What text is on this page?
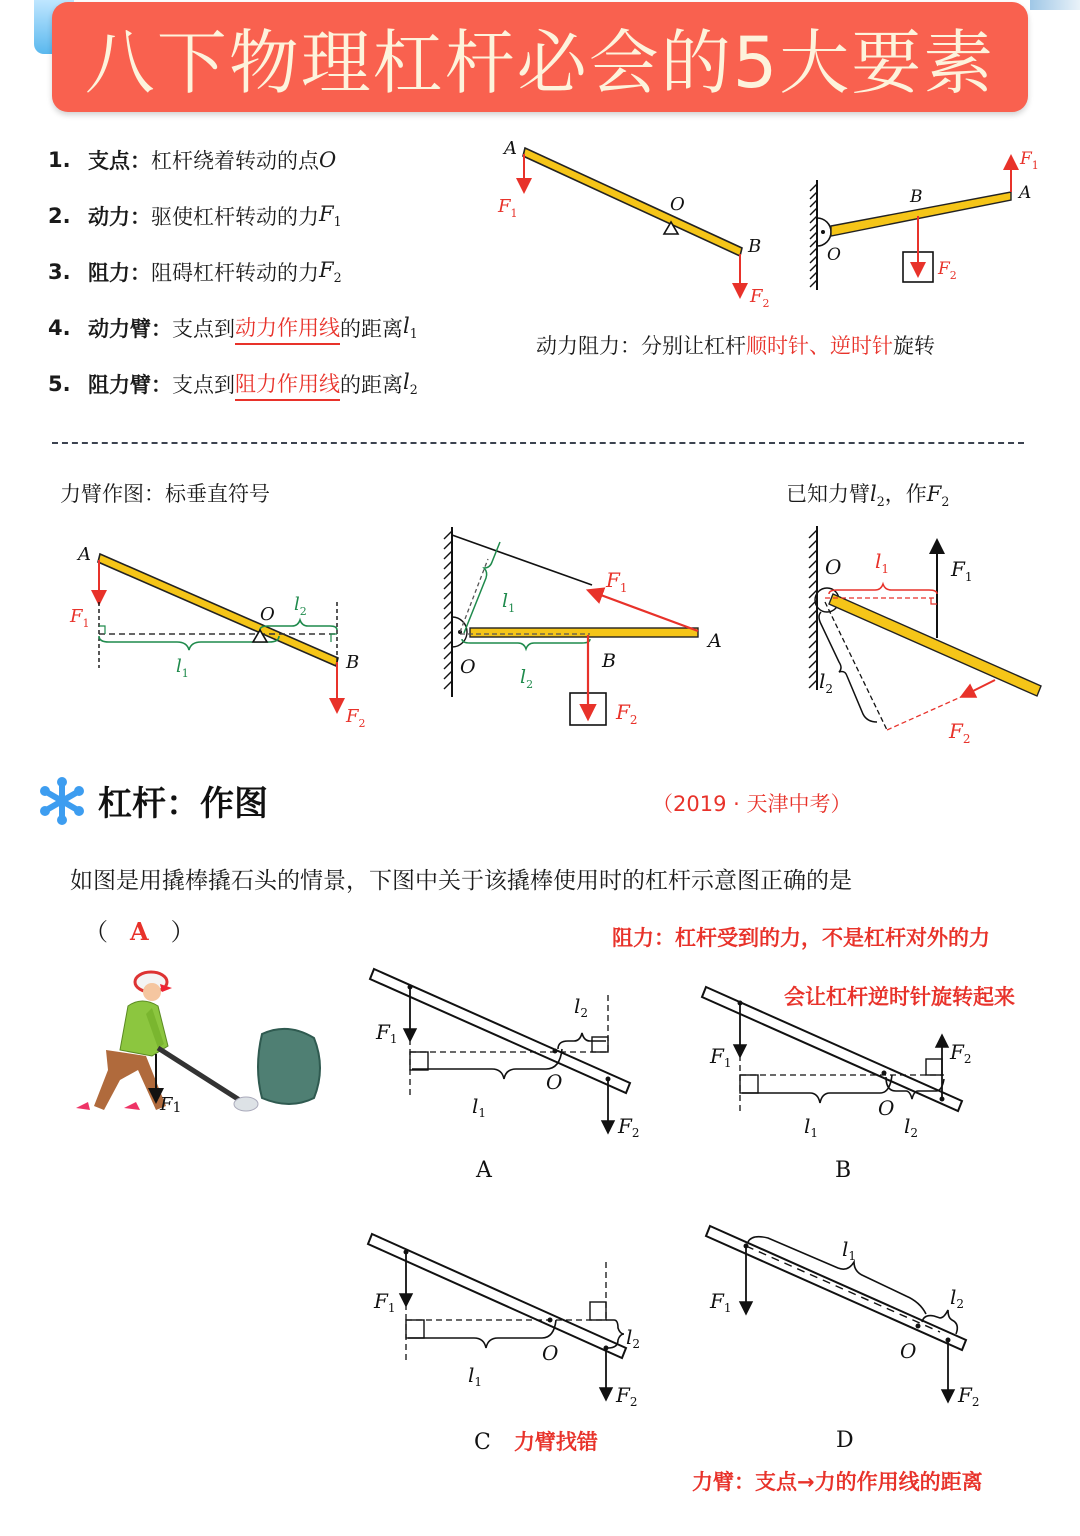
八下物理杠杆必会的5大要素
1. 支点： 杠杆绕着转动的点 O
2. 动力： 驱使杠杆转动的力 $F_1$
3. 阻力： 阻碍杠杆转动的力 $F_2$
4. 动力臂： 支点到 动力作用线 的距离 $l_1$
5. 阻力臂： 支点到 阻力作用线 的距离 $l_2$
A
O
B
$F_1$
$F_2$
B	A
O
$F_1$
$F_2$
动力阻力：分别让杠杆顺时针、逆时针旋转
力臂作图：标垂直符号	已知力臂$l_2$，作$F_2$
A
O
B
$F_1$
$F_2$
$l_1$
$l_2$
O
A
B
$F_1$
$F_2$
$l_1$
$l_2$
O $l_1$	$F_1$
$l_2$
$F_2$
杠杆：作图	（2019 · 天津中考）
如图是用撬棒撬石头的情景，下图中关于该撬棒使用时的杠杆示意图正确的是
（ A ）	阻力：杠杆受到的力，不是杠杆对外的力
会让杠杆逆时针旋转起来
F1
$F_1$
O
$l_1$
$l_2$
$F_2$
A
$F_1$
O
$l_1$	$l_2$
$F_2$
B
$F_1$
O
$l_1$
$l_2$
$F_2$
C 力臂找错
$F_1$
$l_1$
$l_2$
O
$F_2$
D
力臂：支点→力的作用线的距离
